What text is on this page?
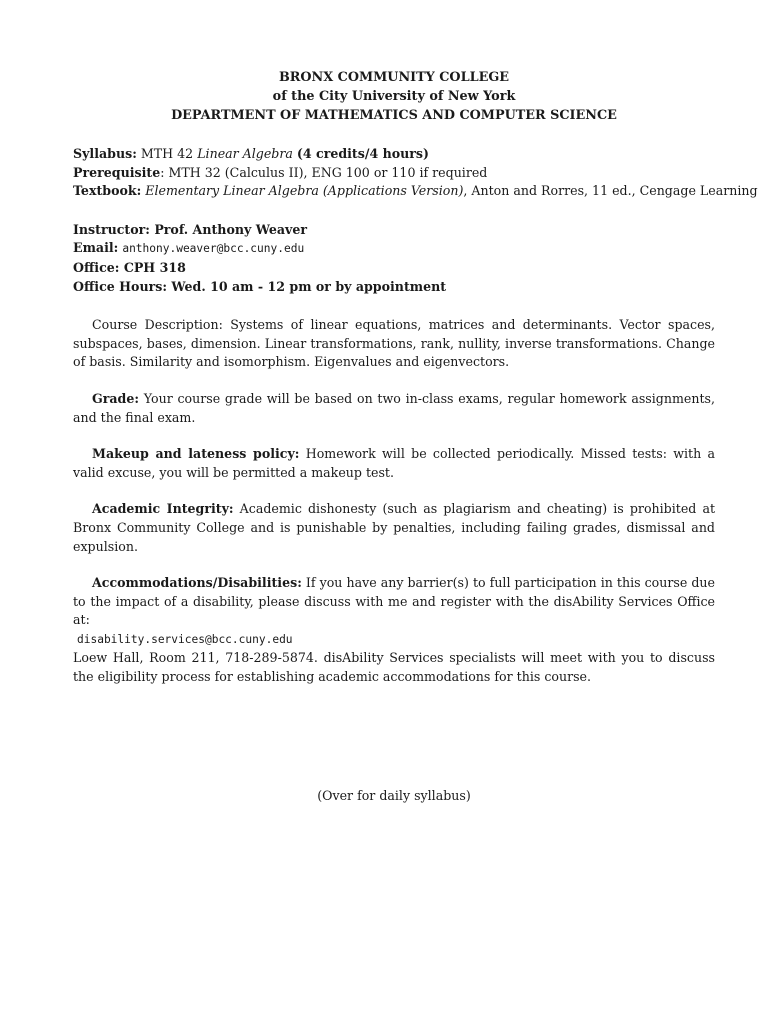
BRONX COMMUNITY COLLEGE
of the City University of New York
DEPARTMENT OF MATHEMATICS AND COMPUTER SCIENCE
Syllabus: MTH 42 Linear Algebra (4 credits/4 hours)
Prerequisite: MTH 32 (Calculus II), ENG 100 or 110 if required
Textbook: Elementary Linear Algebra (Applications Version), Anton and Rorres, 11 ed., Cengage Learning
Instructor: Prof. Anthony Weaver
Email: anthony.weaver@bcc.cuny.edu
Office: CPH 318
Office Hours: Wed. 10 am - 12 pm or by appointment

Course Description: Systems of linear equations, matrices and determinants. Vector spaces, subspaces, bases, dimension. Linear transformations, rank, nullity, inverse transformations. Change of basis. Similarity and isomorphism. Eigenvalues and eigenvectors.

Grade: Your course grade will be based on two in-class exams, regular homework assignments, and the final exam.

Makeup and lateness policy: Homework will be collected periodically. Missed tests: with a valid excuse, you will be permitted a makeup test.

Academic Integrity: Academic dishonesty (such as plagiarism and cheating) is prohibited at Bronx Community College and is punishable by penalties, including failing grades, dismissal and expulsion.

Accommodations/Disabilities: If you have any barrier(s) to full participation in this course due to the impact of a disability, please discuss with me and register with the disAbility Services Office at:

disability.services@bcc.cuny.edu

Loew Hall, Room 211, 718-289-5874. disAbility Services specialists will meet with you to discuss the eligibility process for establishing academic accommodations for this course.

(Over for daily syllabus)
